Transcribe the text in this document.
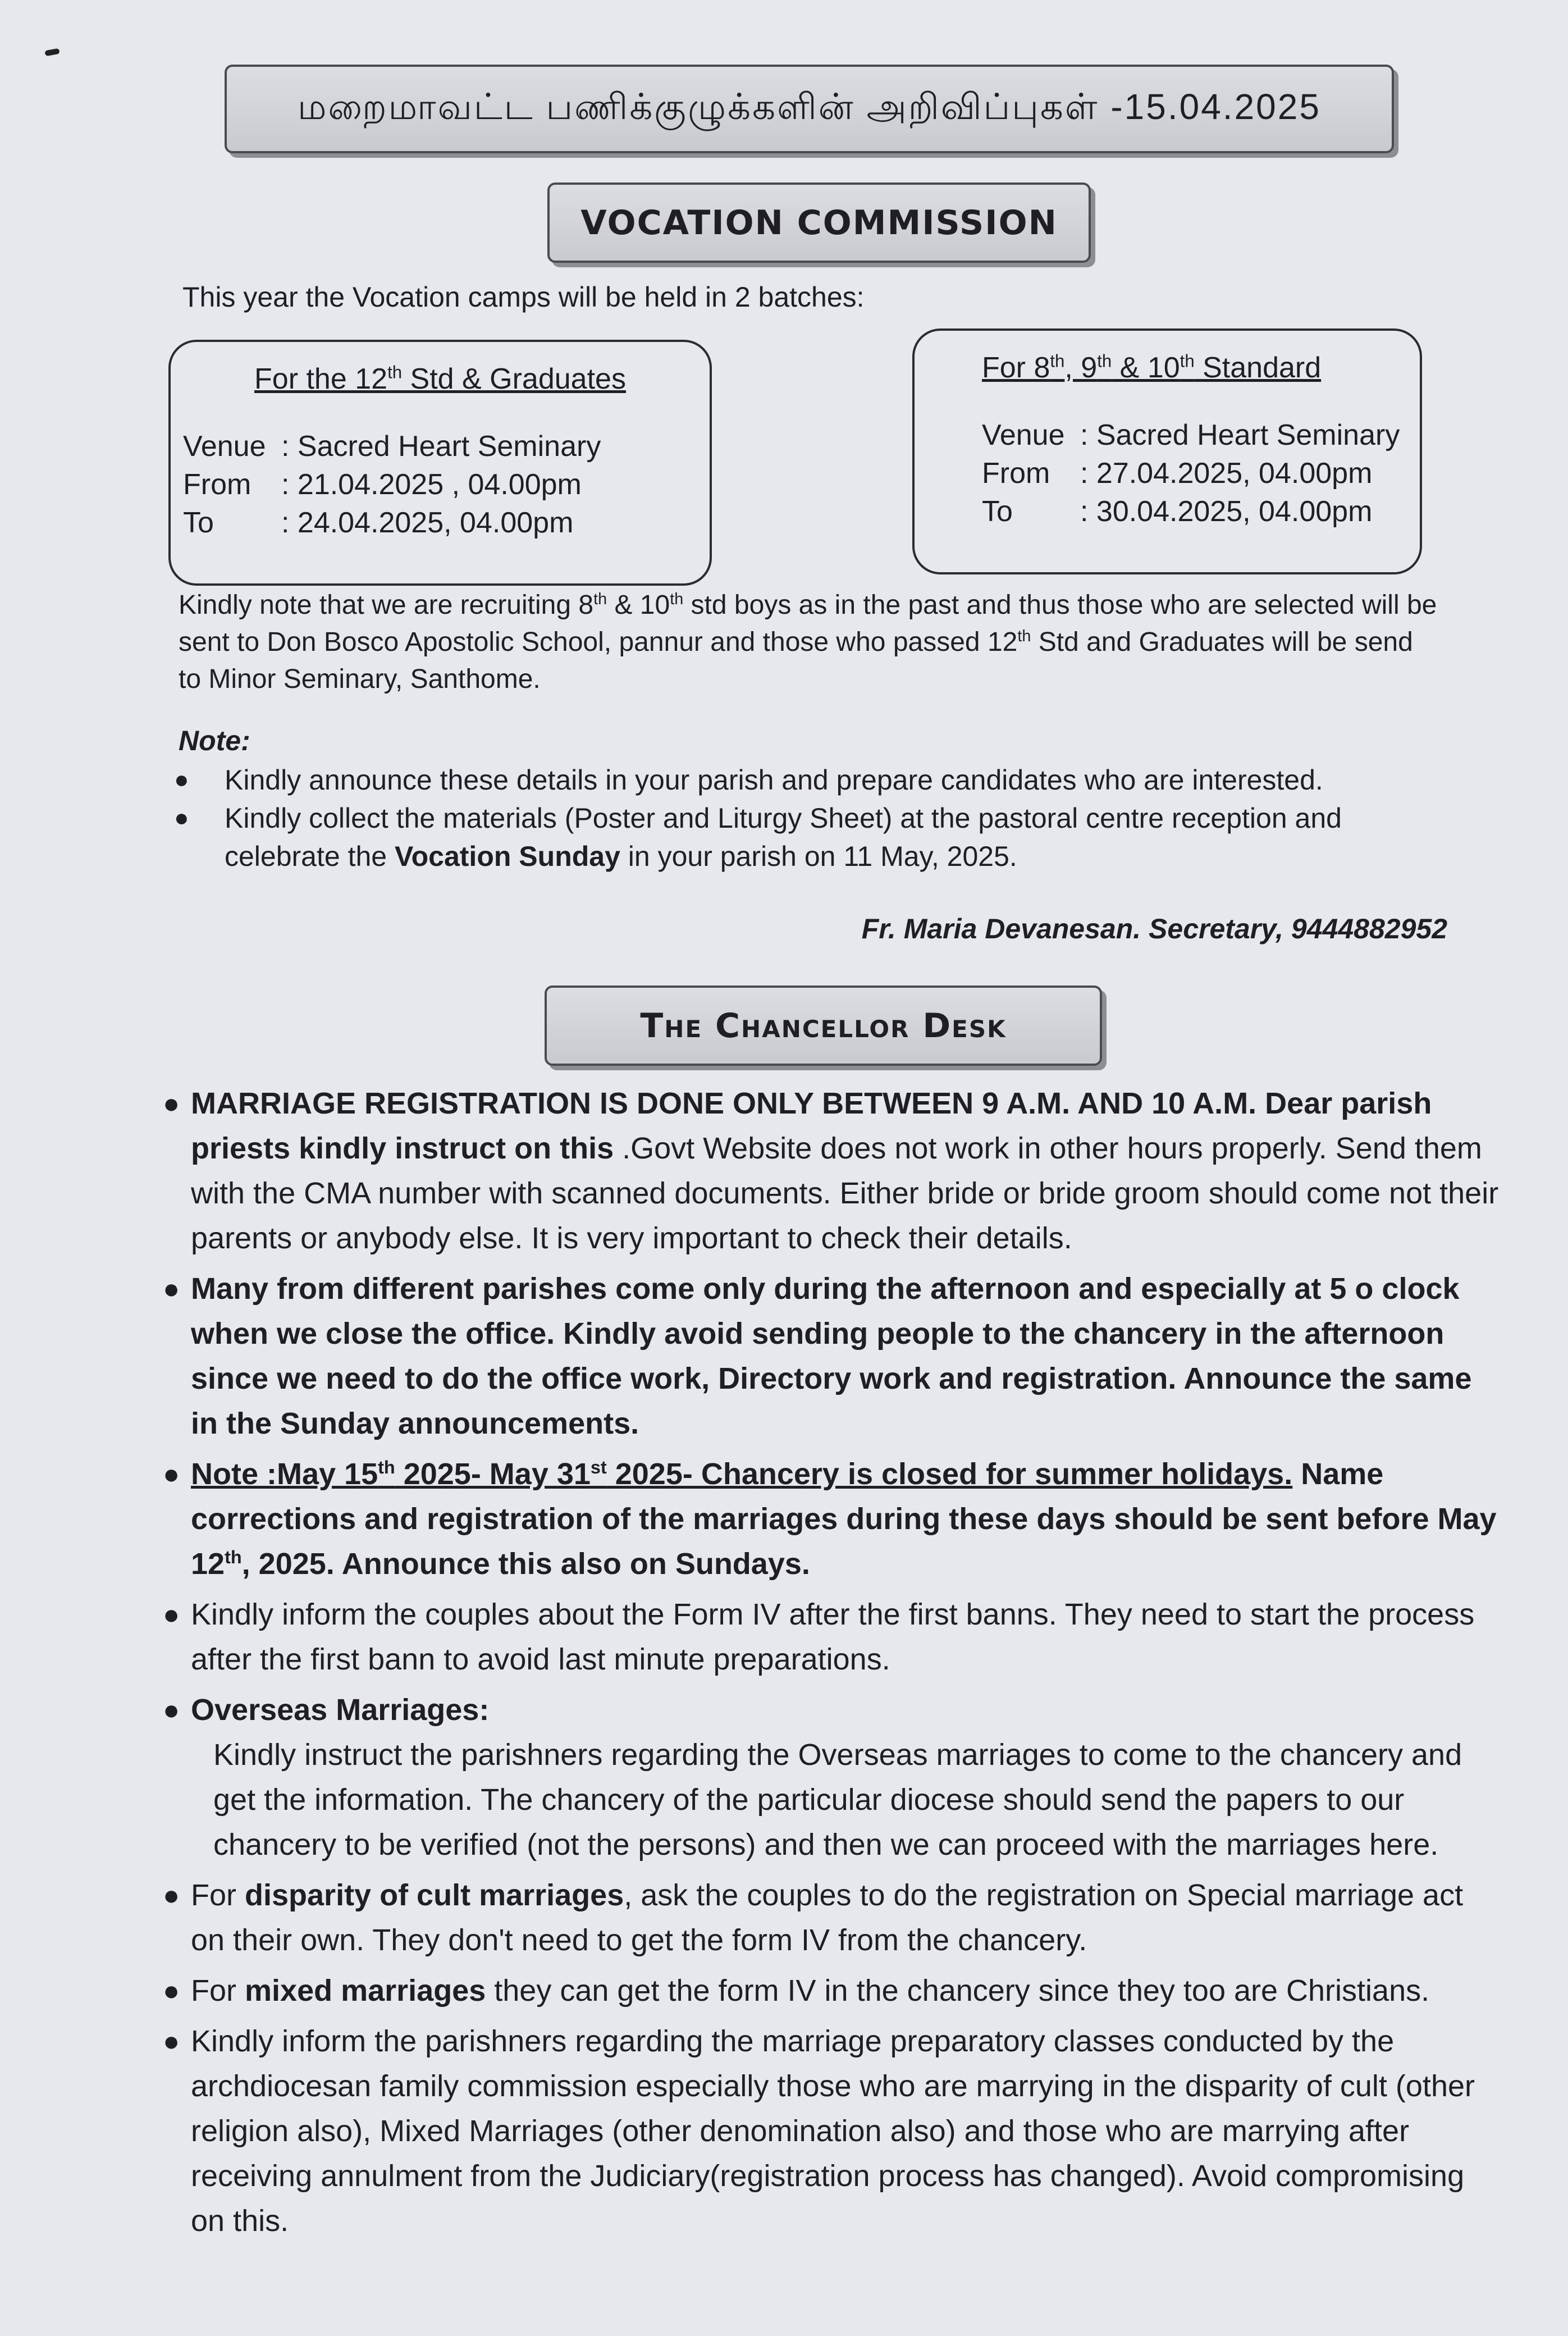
மறைமாவட்ட பணிக்குழுக்களின் அறிவிப்புகள் -15.04.2025
VOCATION COMMISSION
This year the Vocation camps will be held in 2 batches:
For the 12th Std & Graduates
Venue : Sacred Heart Seminary
From	: 21.04.2025 , 04.00pm
To	: 24.04.2025, 04.00pm
For 8th, 9th & 10th Standard
Venue : Sacred Heart Seminary
From	: 27.04.2025, 04.00pm
To	: 30.04.2025, 04.00pm
Kindly note that we are recruiting 8th & 10th std boys as in the past and thus those who are selected will be sent to Don Bosco Apostolic School, pannur and those who passed 12th Std and Graduates will be send to Minor Seminary, Santhome.
Note:
●	Kindly announce these details in your parish and prepare candidates who are interested.
●	Kindly collect the materials (Poster and Liturgy Sheet) at the pastoral centre reception and celebrate the Vocation Sunday in your parish on 11 May, 2025.
Fr. Maria Devanesan. Secretary, 9444882952
The Chancellor Desk
● MARRIAGE REGISTRATION IS DONE ONLY BETWEEN 9 A.M. AND 10 A.M. Dear parish priests kindly instruct on this .Govt Website does not work in other hours properly. Send them with the CMA number with scanned documents. Either bride or bride groom should come not their parents or anybody else. It is very important to check their details.
● Many from different parishes come only during the afternoon and especially at 5 o clock when we close the office. Kindly avoid sending people to the chancery in the afternoon since we need to do the office work, Directory work and registration. Announce the same in the Sunday announcements.
● Note :May 15th 2025- May 31st 2025- Chancery is closed for summer holidays. Name corrections and registration of the marriages during these days should be sent before May 12th, 2025. Announce this also on Sundays.
● Kindly inform the couples about the Form IV after the first banns. They need to start the process after the first bann to avoid last minute preparations.
● Overseas Marriages:

Kindly instruct the parishners regarding the Overseas marriages to come to the chancery and get the information. The chancery of the particular diocese should send the papers to our chancery to be verified (not the persons) and then we can proceed with the marriages here.
● For disparity of cult marriages, ask the couples to do the registration on Special marriage act on their own. They don't need to get the form IV from the chancery.
● For mixed marriages they can get the form IV in the chancery since they too are Christians.
● Kindly inform the parishners regarding the marriage preparatory classes conducted by the archdiocesan family commission especially those who are marrying in the disparity of cult (other religion also), Mixed Marriages (other denomination also) and those who are marrying after receiving annulment from the Judiciary(registration process has changed). Avoid compromising on this.
